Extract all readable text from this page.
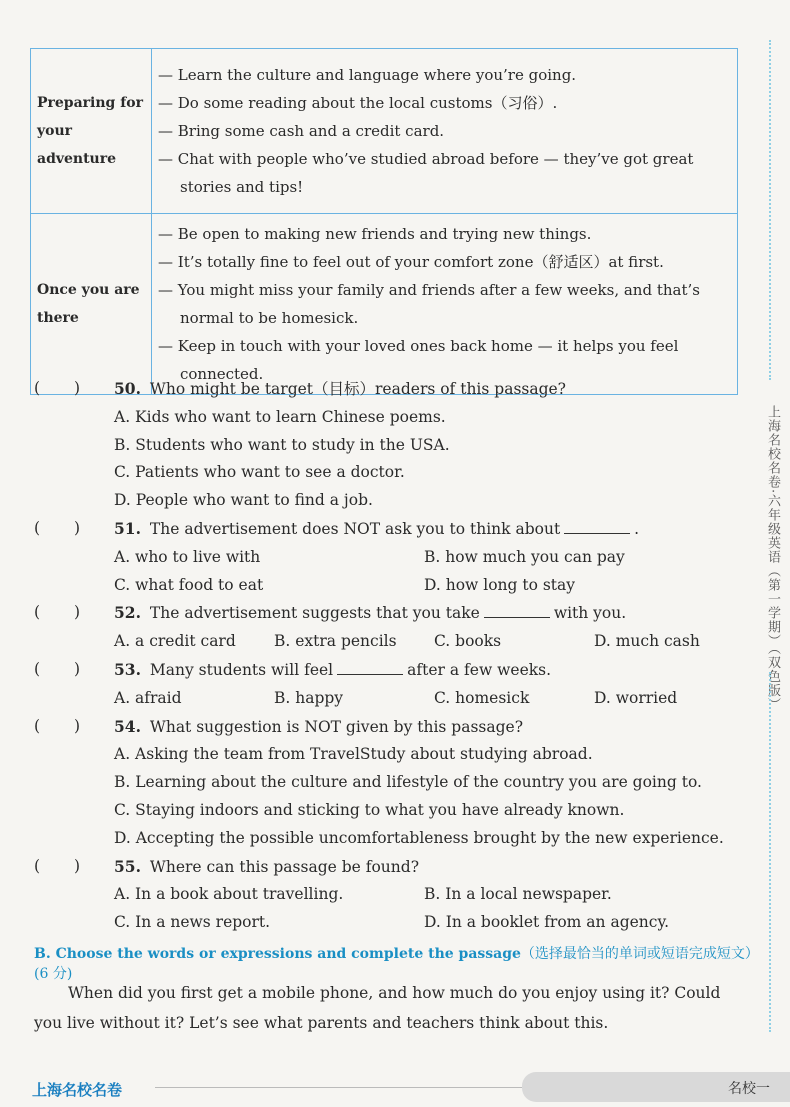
上海名校名卷·六年级英语（第一学期）（双色版）
Preparing for your adventure	— Learn the culture and language where you’re going.
— Do some reading about the local customs（习俗）.
— Bring some cash and a credit card.
— Chat with people who’ve studied abroad before — they’ve got great stories and tips!

Once you are there	— Be open to making new friends and trying new things.
— It’s totally fine to feel out of your comfort zone（舒适区）at first.
— You might miss your family and friends after a few weeks, and that’s normal to be homesick.
— Keep in touch with your loved ones back home — it helps you feel connected.
( ) 50. Who might be target（目标）readers of this passage?
A. Kids who want to learn Chinese poems.
B. Students who want to study in the USA.
C. Patients who want to see a doctor.
D. People who want to find a job.
( ) 51. The advertisement does NOT ask you to think about	.
A. who to live with	B. how much you can pay
C. what food to eat	D. how long to stay
( ) 52. The advertisement suggests that you take	with you.
A. a credit card	B. extra pencils	C. books	D. much cash
( ) 53. Many students will feel	after a few weeks.
A. afraid	B. happy	C. homesick	D. worried
( ) 54. What suggestion is NOT given by this passage?
A. Asking the team from TravelStudy about studying abroad.
B. Learning about the culture and lifestyle of the country you are going to.
C. Staying indoors and sticking to what you have already known.
D. Accepting the possible uncomfortableness brought by the new experience.
( ) 55. Where can this passage be found?
A. In a book about travelling.	B. In a local newspaper.
C. In a news report.	D. In a booklet from an agency.
B. Choose the words or expressions and complete the passage（选择最恰当的单词或短语完成短文）(6 分)
When did you first get a mobile phone, and how much do you enjoy using it? Could you live without it? Let’s see what parents and teachers think about this.
上海名校名卷	名校一
